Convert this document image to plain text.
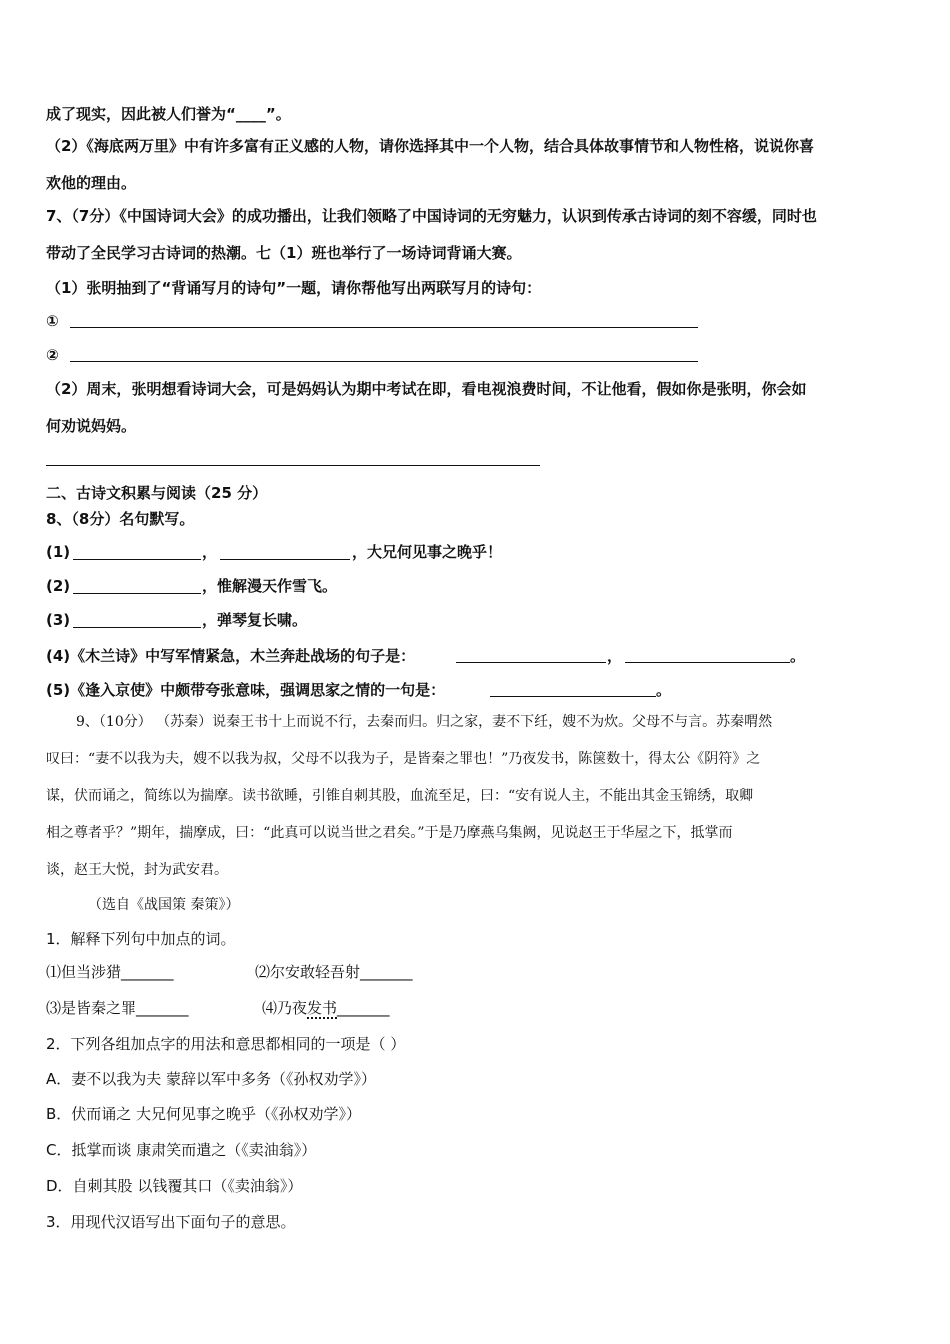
成了现实，因此被人们誉为“____”。
（2）《海底两万里》中有许多富有正义感的人物，请你选择其中一个人物，结合具体故事情节和人物性格，说说你喜
欢他的理由。
7、（7分）《中国诗词大会》的成功播出，让我们领略了中国诗词的无穷魅力，认识到传承古诗词的刻不容缓，同时也
带动了全民学习古诗词的热潮。七（1）班也举行了一场诗词背诵大赛。
（1）张明抽到了“背诵写月的诗句”一题，请你帮他写出两联写月的诗句：
①
②
（2）周末，张明想看诗词大会，可是妈妈认为期中考试在即，看电视浪费时间，不让他看，假如你是张明，你会如
何劝说妈妈。
二、古诗文积累与阅读（25 分）
8、（8分）名句默写。
(1)	，	，大兄何见事之晚乎！
(2)	，惟解漫天作雪飞。
(3)	，弹琴复长啸。
(4)《木兰诗》中写军情紧急，木兰奔赴战场的句子是：	，	。
(5)《逢入京使》中颇带夸张意味，强调思家之情的一句是：	。
9、（10分） （苏秦）说秦王书十上而说不行，去秦而归。归之家，妻不下纴，嫂不为炊。父母不与言。苏秦喟然
叹曰：“妻不以我为夫，嫂不以我为叔，父母不以我为子，是皆秦之罪也！”乃夜发书，陈箧数十，得太公《阴符》之
谋，伏而诵之，简练以为揣摩。读书欲睡，引锥自刺其股，血流至足，曰：“安有说人主，不能出其金玉锦绣，取卿
相之尊者乎？”期年，揣摩成，曰：“此真可以说当世之君矣。”于是乃摩燕乌集阙，见说赵王于华屋之下，抵掌而
谈，赵王大悦，封为武安君。
（选自《战国策 秦策》）
1．解释下列句中加点的词。
⑴但当涉猎_______	⑵尔安敢轻吾射_______
⑶是皆秦之罪_______	⑷乃夜发书_______
2．下列各组加点字的用法和意思都相同的一项是（ ）
A．妻不以我为夫 蒙辞以军中多务（《孙权劝学》）
B．伏而诵之 大兄何见事之晚乎（《孙权劝学》）
C．抵掌而谈 康肃笑而遣之（《卖油翁》）
D．自刺其股 以钱覆其口（《卖油翁》）
3．用现代汉语写出下面句子的意思。
